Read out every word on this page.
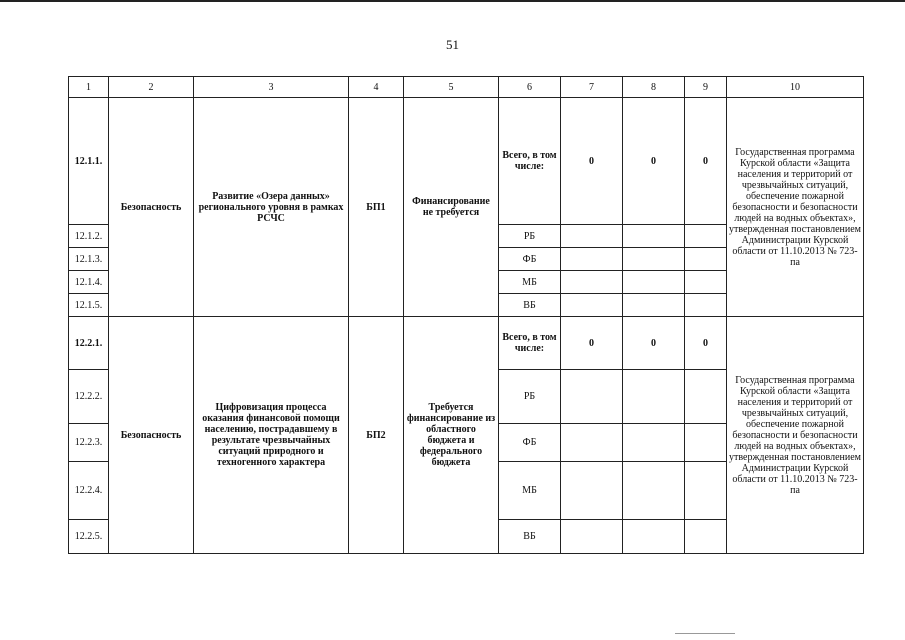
51
1	2	3	4	5	6	7	8	9	10
12.1.1.	Безопасность	Развитие «Озера данных» регионального уровня в рамках РСЧС	БП1	Финансирование не требуется	Всего, в том числе:	0	0	0	Государственная программа Курской области «Защита населения и территорий от чрезвычайных ситуаций, обеспечение пожарной безопасности и безопасности людей на водных объектах», утвержденная постановлением Администрации Курской области от 11.10.2013 № 723-па
12.1.2.					РБ				
12.1.3.					ФБ				
12.1.4.					МБ				
12.1.5.					ВБ				
12.2.1.	Безопасность	Цифровизация процесса оказания финансовой помощи населению, пострадавшему в результате чрезвычайных ситуаций природного и техногенного характера	БП2	Требуется финансирование из областного бюджета и федерального бюджета	Всего, в том числе:	0	0	0	Государственная программа Курской области «Защита населения и территорий от чрезвычайных ситуаций, обеспечение пожарной безопасности и безопасности людей на водных объектах», утвержденная постановлением Администрации Курской области от 11.10.2013 № 723-па
12.2.2.					РБ				
12.2.3.					ФБ				
12.2.4.					МБ				
12.2.5.					ВБ				
